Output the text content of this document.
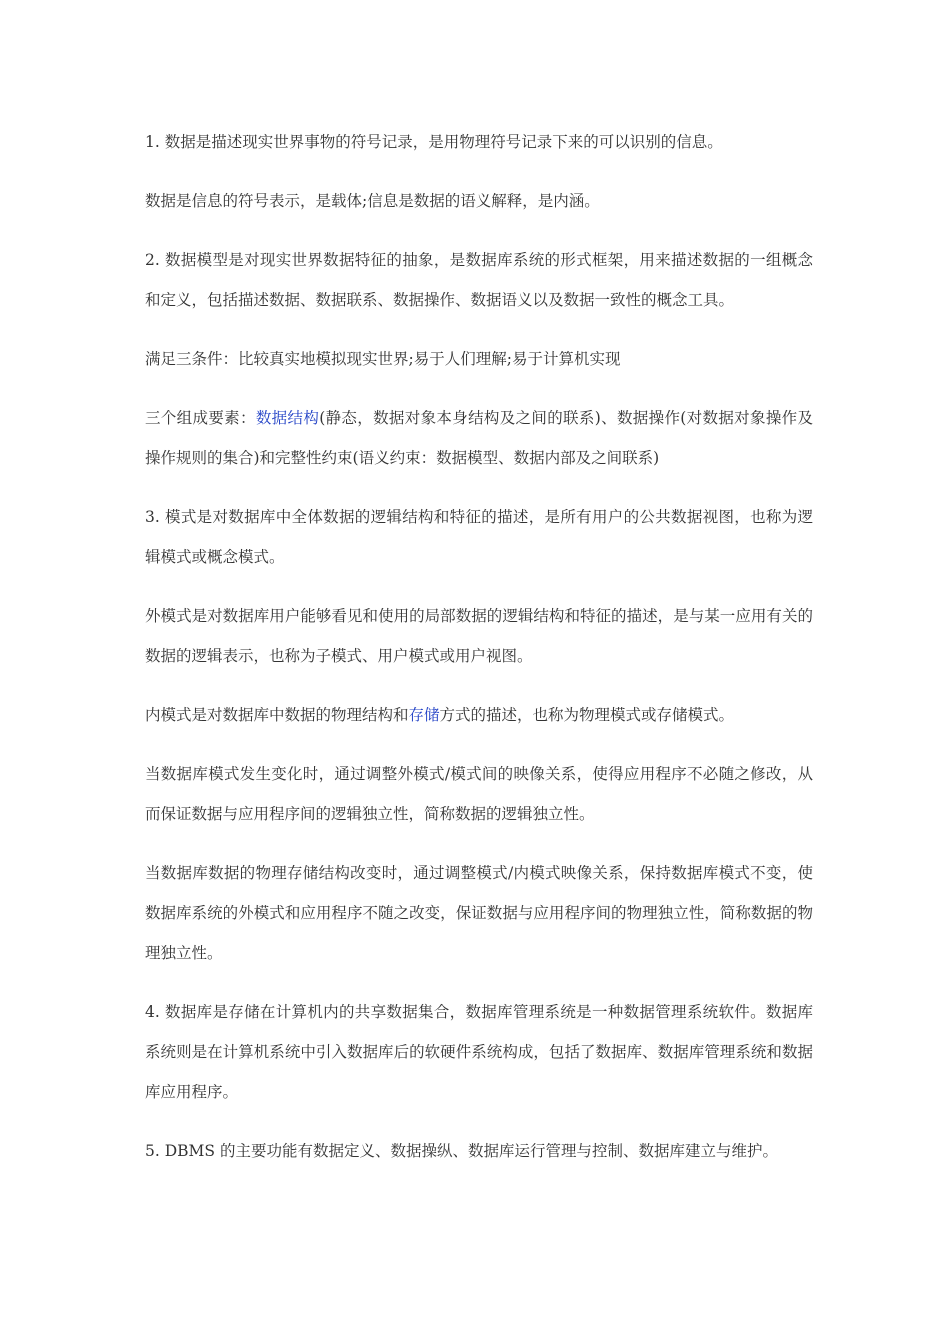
1. 数据是描述现实世界事物的符号记录，是用物理符号记录下来的可以识别的信息。

数据是信息的符号表示，是载体;信息是数据的语义解释，是内涵。

2. 数据模型是对现实世界数据特征的抽象，是数据库系统的形式框架，用来描述数据的一组概念和定义，包括描述数据、数据联系、数据操作、数据语义以及数据一致性的概念工具。

满足三条件：比较真实地模拟现实世界;易于人们理解;易于计算机实现

三个组成要素：数据结构(静态，数据对象本身结构及之间的联系)、数据操作(对数据对象操作及操作规则的集合)和完整性约束(语义约束：数据模型、数据内部及之间联系)

3. 模式是对数据库中全体数据的逻辑结构和特征的描述，是所有用户的公共数据视图，也称为逻辑模式或概念模式。

外模式是对数据库用户能够看见和使用的局部数据的逻辑结构和特征的描述，是与某一应用有关的数据的逻辑表示，也称为子模式、用户模式或用户视图。

内模式是对数据库中数据的物理结构和存储方式的描述，也称为物理模式或存储模式。

当数据库模式发生变化时，通过调整外模式/模式间的映像关系，使得应用程序不必随之修改，从而保证数据与应用程序间的逻辑独立性，简称数据的逻辑独立性。

当数据库数据的物理存储结构改变时，通过调整模式/内模式映像关系，保持数据库模式不变，使数据库系统的外模式和应用程序不随之改变，保证数据与应用程序间的物理独立性，简称数据的物理独立性。

4. 数据库是存储在计算机内的共享数据集合，数据库管理系统是一种数据管理系统软件。数据库系统则是在计算机系统中引入数据库后的软硬件系统构成，包括了数据库、数据库管理系统和数据库应用程序。

5. DBMS 的主要功能有数据定义、数据操纵、数据库运行管理与控制、数据库建立与维护。
